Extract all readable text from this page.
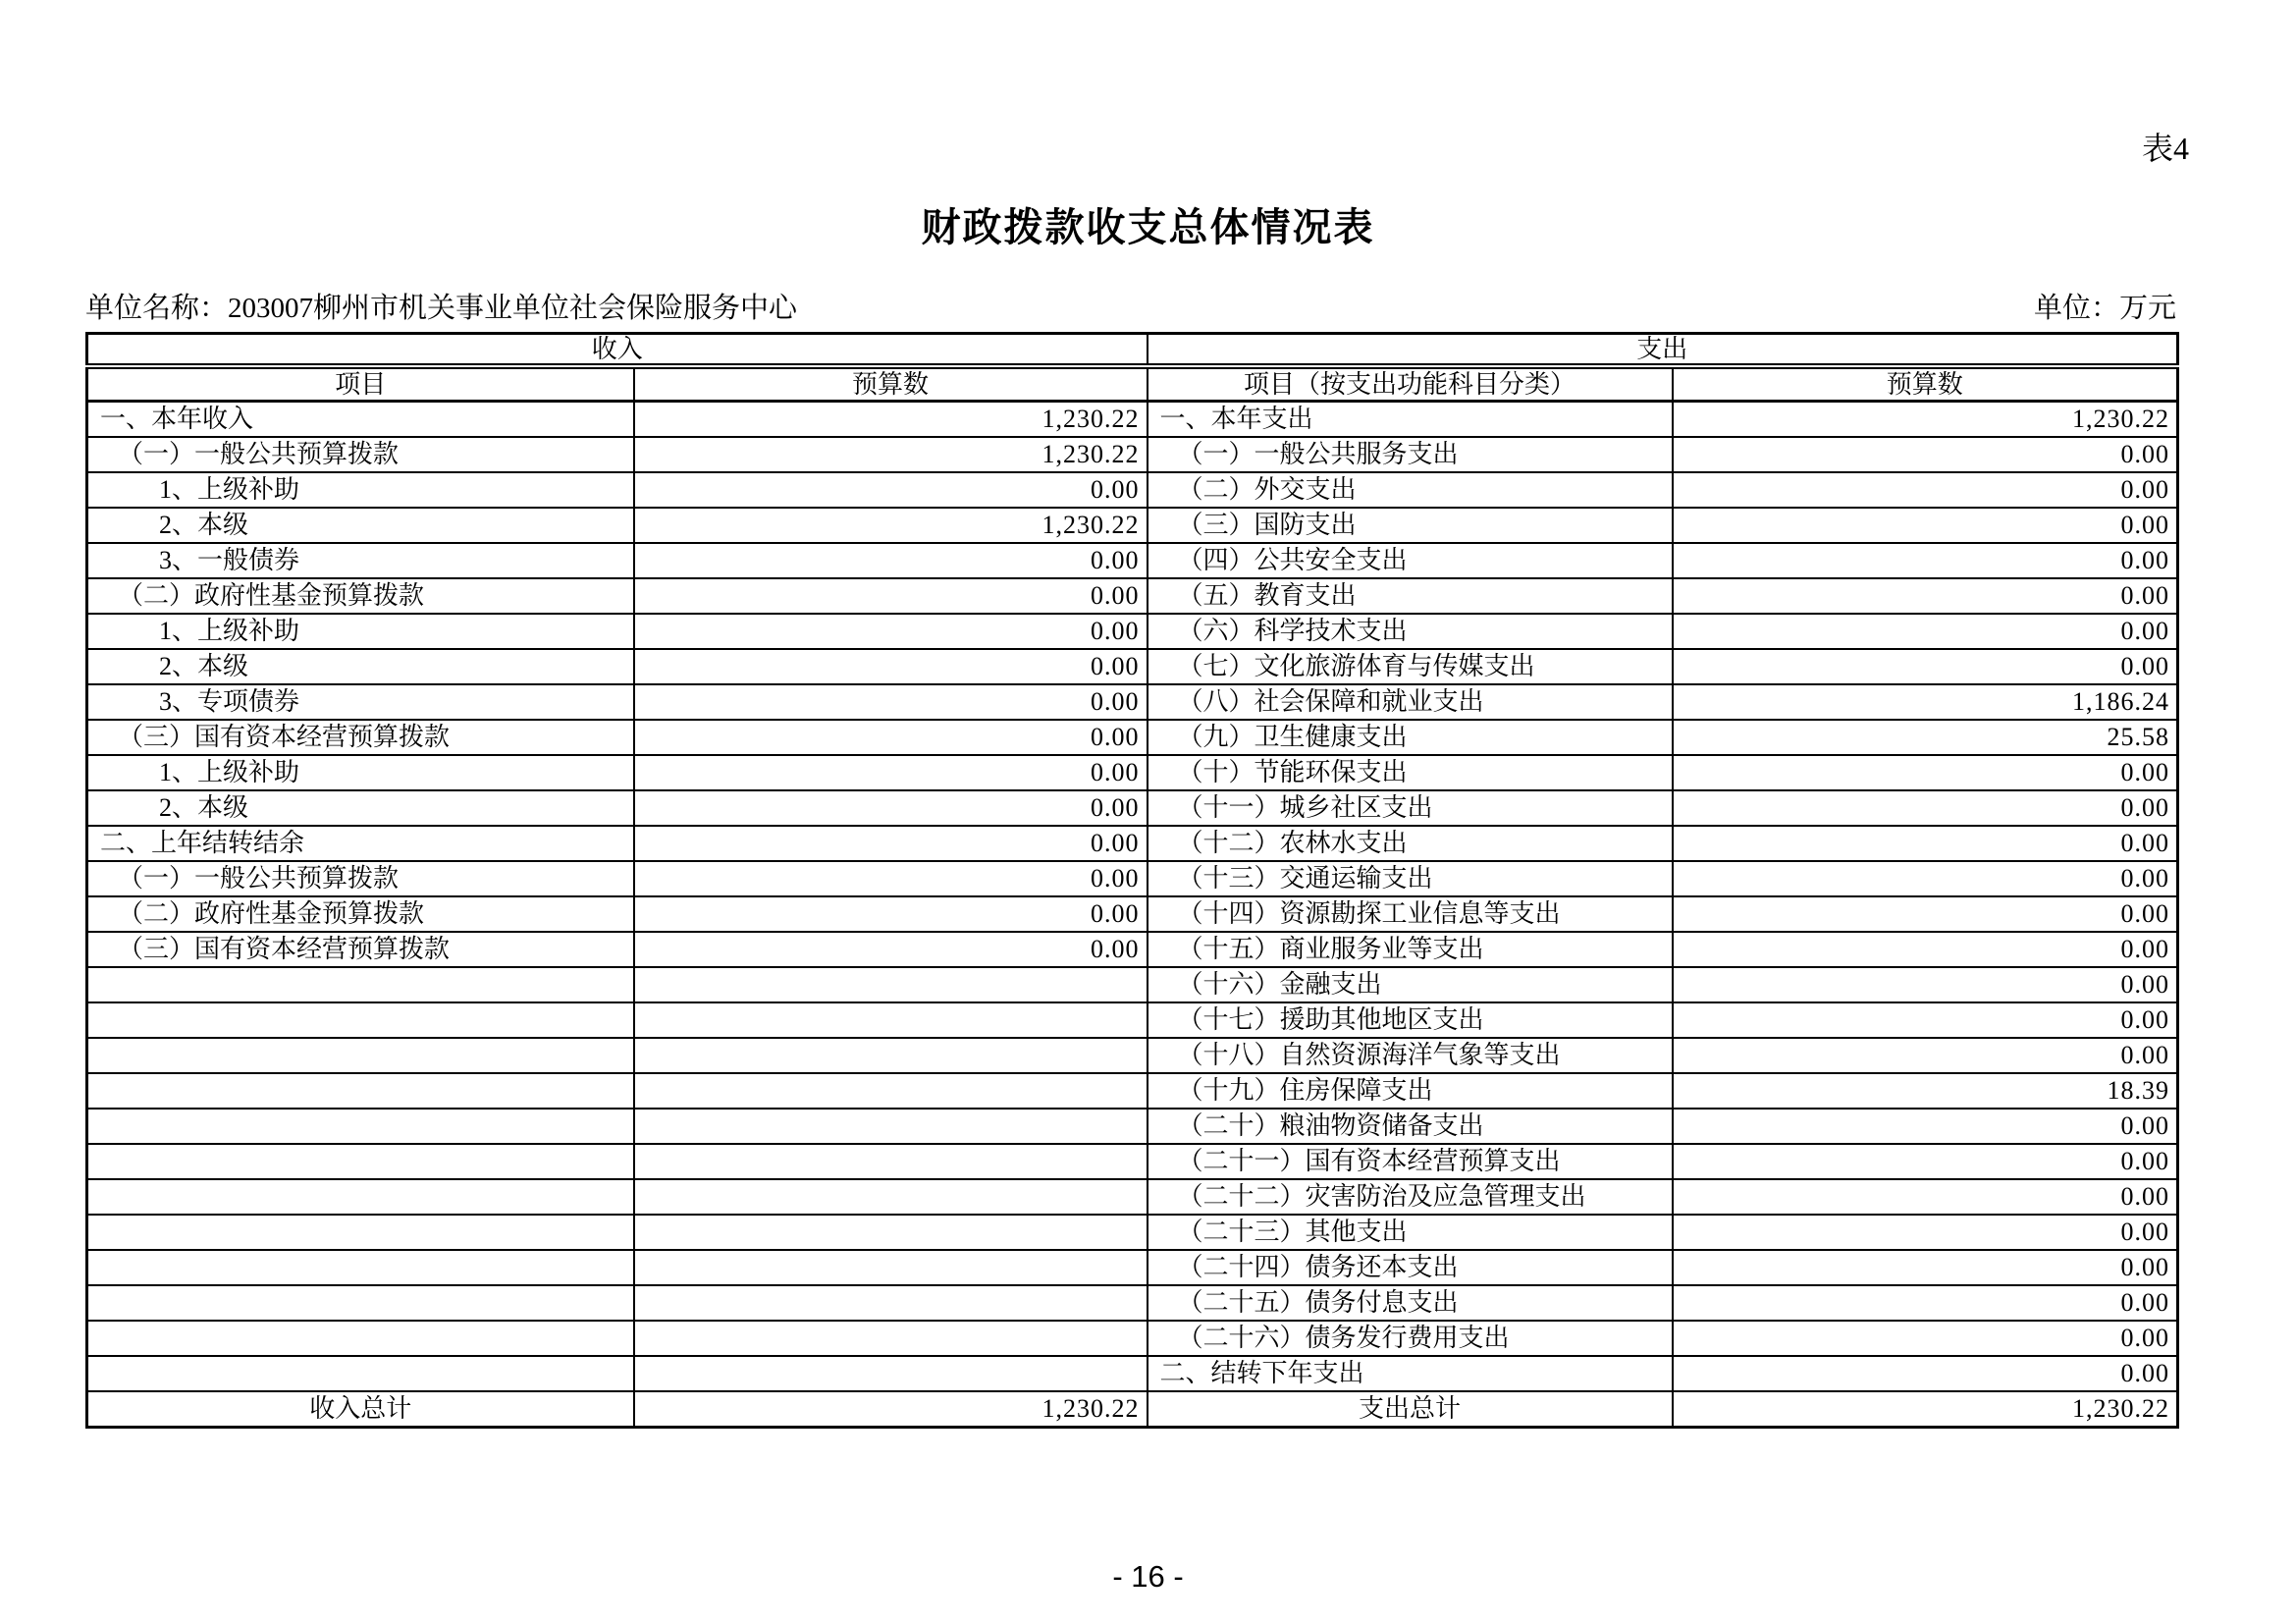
表4
财政拨款收支总体情况表
单位名称：203007柳州市机关事业单位社会保险服务中心	单位：万元
收入		支出	
项目	预算数	项目（按支出功能科目分类）	预算数
一、本年收入	1,230.22	一、本年支出	1,230.22
（一）一般公共预算拨款	1,230.22	（一）一般公共服务支出	0.00
1、上级补助	0.00	（二）外交支出	0.00
2、本级	1,230.22	（三）国防支出	0.00
3、一般债券	0.00	（四）公共安全支出	0.00
（二）政府性基金预算拨款	0.00	（五）教育支出	0.00
1、上级补助	0.00	（六）科学技术支出	0.00
2、本级	0.00	（七）文化旅游体育与传媒支出	0.00
3、专项债券	0.00	（八）社会保障和就业支出	1,186.24
（三）国有资本经营预算拨款	0.00	（九）卫生健康支出	25.58
1、上级补助	0.00	（十）节能环保支出	0.00
2、本级	0.00	（十一）城乡社区支出	0.00
二、上年结转结余	0.00	（十二）农林水支出	0.00
（一）一般公共预算拨款	0.00	（十三）交通运输支出	0.00
（二）政府性基金预算拨款	0.00	（十四）资源勘探工业信息等支出	0.00
（三）国有资本经营预算拨款	0.00	（十五）商业服务业等支出	0.00
		（十六）金融支出	0.00
		（十七）援助其他地区支出	0.00
		（十八）自然资源海洋气象等支出	0.00
		（十九）住房保障支出	18.39
		（二十）粮油物资储备支出	0.00
		（二十一）国有资本经营预算支出	0.00
		（二十二）灾害防治及应急管理支出	0.00
		（二十三）其他支出	0.00
		（二十四）债务还本支出	0.00
		（二十五）债务付息支出	0.00
		（二十六）债务发行费用支出	0.00
		二、结转下年支出	0.00
收入总计	1,230.22	支出总计	1,230.22
- 16 -
